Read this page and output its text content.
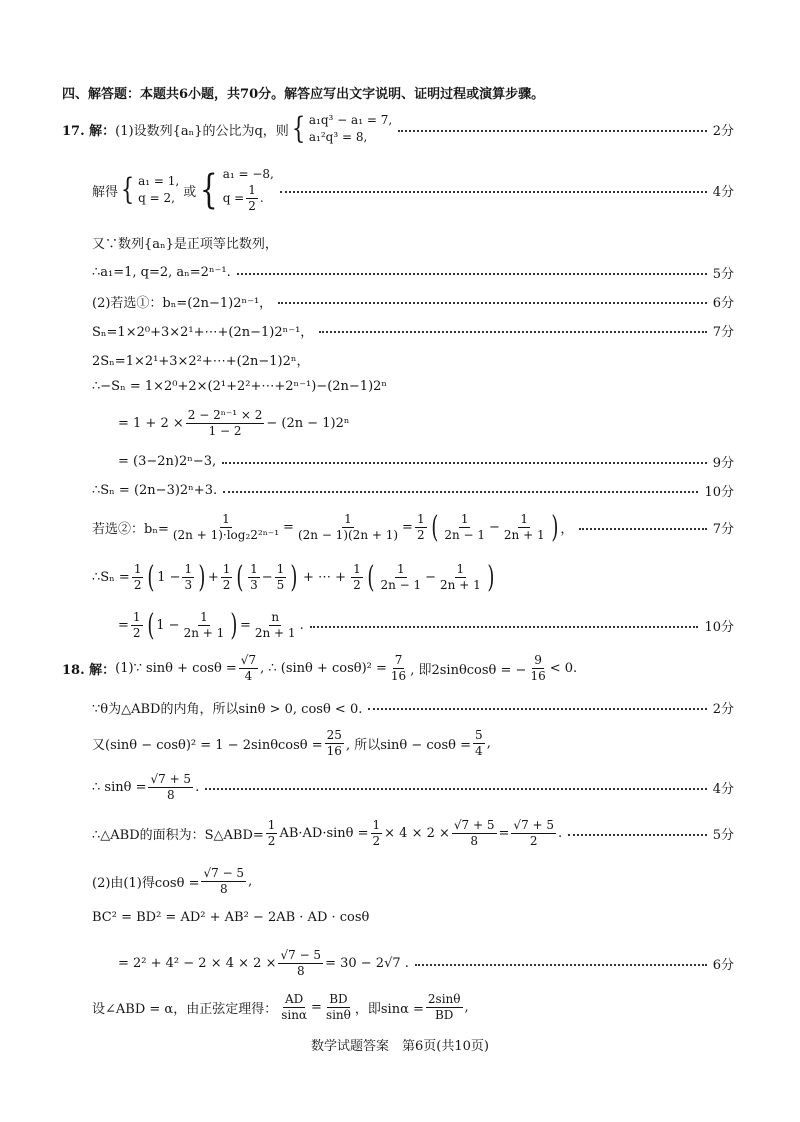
四、解答题：本题共6小题，共70分。解答应写出文字说明、证明过程或演算步骤。
17. 解： (1)设数列{aₙ}的公比为q，则 { a₁q³ − a₁ = 7,
a₁²q³ = 8,	2分
解得 { a₁ = 1,
q = 2, 或 { a₁ = −8,
$q = \frac{1}{2}$ .	4分
又∵数列{aₙ}是正项等比数列，
∴a₁=1, q=2, aₙ=2ⁿ⁻¹.	5分
(2)若选①：bₙ=(2n−1)2ⁿ⁻¹，	6分
Sₙ=1×2⁰+3×2¹+⋯+(2n−1)2ⁿ⁻¹，	7分
2Sₙ=1×2¹+3×2²+⋯+(2n−1)2ⁿ，
∴−Sₙ = 1×2⁰+2×(2¹+2²+⋯+2ⁿ⁻¹)−(2n−1)2ⁿ
= $1 + 2 \times \frac{\text{2 − 2ⁿ⁻¹ × 2}}{1 - 2} - (2n - 1)2^n$
= (3−2n)2ⁿ−3,	9分
∴Sₙ = (2n−3)2ⁿ+3.	10分
若选②：$b_n= \frac{1}{\text{(2n + 1)·log₂2²ⁿ⁻¹}} = \frac{1}{(2n - 1)(2n + 1)} = \frac{1}{2}$ ( $\frac{1}{2n - 1} - \frac{1}{2n + 1}$ ) ，	7分
∴Sₙ = $\frac{1}{2}$ ( $1 - \frac{1}{3}$ ) + $\frac{1}{2}$ ( $\frac{1}{3} - \frac{1}{5}$ ) + ⋯ + $\frac{1}{2}$ ( $\frac{1}{2n - 1} - \frac{1}{2n + 1}$ )
= $\frac{1}{2}$ ( $1 - \frac{1}{2n + 1}$ ) = $\frac{n}{2n + 1}$ .	10分
18. 解： (1)∵ $\sin\theta + \cos\theta = \frac{√7}{4}$ , ∴ $(\sin\theta + \cos\theta)^2 = \frac{7}{16}$ , 即2sinθcosθ = − $\frac{9}{16} < 0$.
∵θ为△ABD的内角，所以sinθ > 0, cosθ < 0.	2分
又$(\sin\theta - \cos\theta)^2 = 1 - 2\sin\theta\cos\theta = \frac{25}{16}$ , 所以$\sin\theta - \cos\theta = \frac{5}{4}$ ,
∴ $\sin\theta = \frac{√7 + 5}{8}$ .	4分
∴△ABD的面积为：S△ABD= $\frac{1}{2} AB\cdot AD\cdot\sin\theta = \frac{1}{2} \times 4 \times 2 \times \frac{√7 + 5}{8} = \frac{√7 + 5}{2}$ .	5分
(2)由(1)得$\cos\theta = \frac{√7 - 5}{8}$ ,
BC² = BD² = AD² + AB² − 2AB · AD · cosθ
= $2^2 + 4^2 - 2 \times 4 \times 2 \times \frac{√7 - 5}{8} = 30 - 2√7$ .	6分
设∠ABD = α，由正弦定理得： $\frac{AD}{\sin\alpha} = \frac{BD}{\sin\theta}$ ，即$\sin\alpha = \frac{2\sin\theta}{BD}$ ,
数学试题答案　第6页(共10页)
